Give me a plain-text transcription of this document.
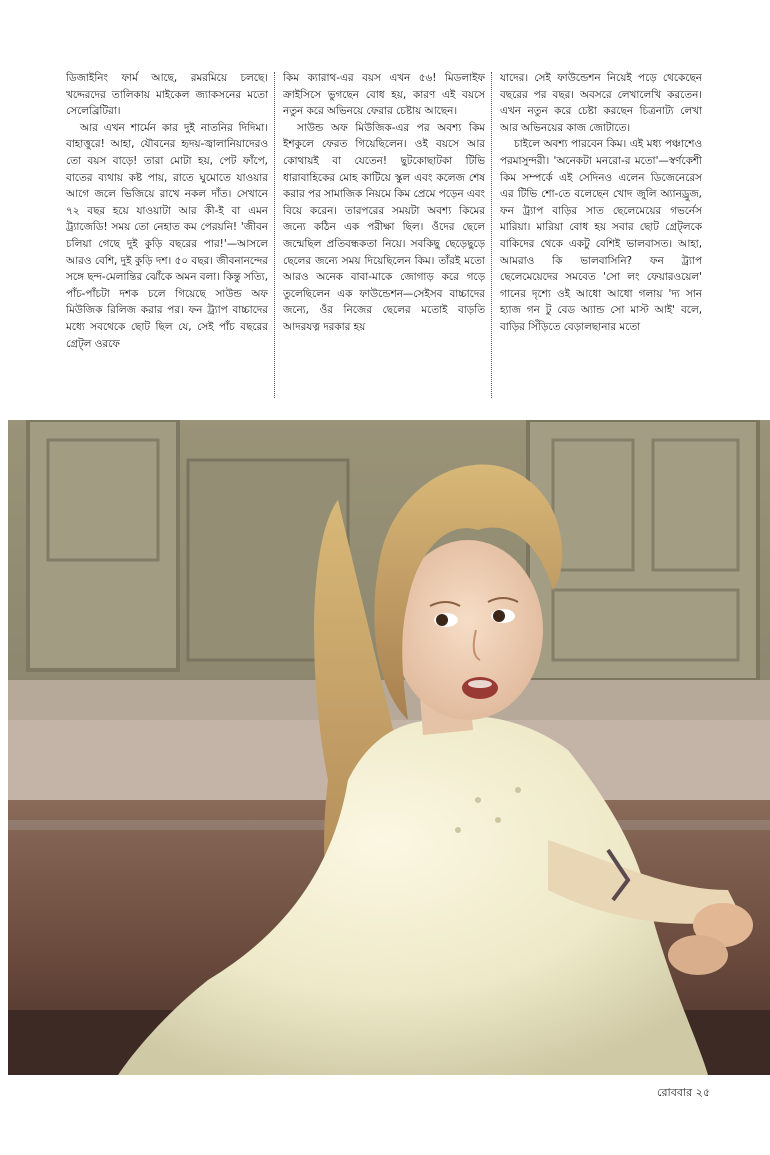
ডিজাইনিং ফার্ম আছে, রমরমিয়ে চলছে। খদ্দেরদের তালিকায় মাইকেল জ্যাকসনের মতো সেলেব্রিটিরা।

আর এখন শার্মেন কার দুই নাতনির দিদিমা। বাহাত্তুরে! আহা, যৌবনের হৃদয়-জ্বালানিয়াদেরও তো বয়স বাড়ে! তারা মোটা হয়, পেট ফাঁপে, বাতের ব্যথায় কষ্ট পায়, রাতে ঘুমোতে যাওয়ার আগে জলে ভিজিয়ে রাখে নকল দাঁত। সেখানে ৭২ বছর হয়ে যাওয়াটা আর কী-ই বা এমন ট্র্যাজেডি! সময় তো নেহাত কম পেরয়নি! 'জীবন চলিয়া গেছে দুই কুড়ি বছরের পার!'—আসলে আরও বেশি, দুই কুড়ি দশ। ৫০ বছর। জীবনানন্দের সঙ্গে ছন্দ-মেলান্তির ঝোঁকে অমন বলা। কিন্তু সত্যি, পাঁচ-পাঁচটা দশক চলে গিয়েছে সাউন্ড অফ মিউজিক রিলিজ করার পর। ফন ট্র্যাপ বাচ্চাদের মধ্যে সবথেকে ছোট ছিল যে, সেই পাঁচ বছরের গ্রেট্ল ওরফে

কিম ক্যারাথ-এর বয়স এখন ৫৬! মিডলাইফ ক্রাইসিসে ভুগছেন বোধ হয়, কারণ এই বয়সে নতুন করে অভিনয়ে ফেরার চেষ্টায় আছেন।

সাউন্ড অফ মিউজিক-এর পর অবশ্য কিম ইশকুলে ফেরত গিয়েছিলেন। ওই বয়সে আর কোথায়ই বা যেতেন! ছুটকোছাটকা টিভি ধারাবাহিকের মোহ কাটিয়ে স্কুল এবং কলেজ শেষ করার পর সামাজিক নিয়মে কিম প্রেমে পড়েন এবং বিয়ে করেন। তারপরের সময়টা অবশ্য কিমের জন্যে কঠিন এক পরীক্ষা ছিল। ওঁদের ছেলে জন্মেছিল প্রতিবন্ধকতা নিয়ে। সবকিছু ছেড়েছুড়ে ছেলের জন্যে সময় দিয়েছিলেন কিম। তাঁরই মতো আরও অনেক বাবা-মাকে জোগাড় করে গড়ে তুলেছিলেন এক ফাউন্ডেশন—সেইসব বাচ্চাদের জন্যে, ওঁর নিজের ছেলের মতোই বাড়তি আদরযত্ন দরকার হয়

যাদের। সেই ফাউন্ডেশন নিয়েই পড়ে থেকেছেন বছরের পর বছর। অবসরে লেখালেখি করতেন। এখন নতুন করে চেষ্টা করছেন চিত্রনাট্য লেখা আর অভিনয়ের কাজ জোটাতে।

চাইলে অবশ্য পারবেন কিম। এই মধ্য পঞ্চাশেও পরমাসুন্দরী। 'অনেকটা মনরো-র মতো'—স্বর্ণকেশী কিম সম্পর্কে এই সেদিনও এলেন ডিজেনেরেস এর টিভি শো-তে বলেছেন খোদ জুলি অ্যানড্রুজ, ফন ট্র্যাপ বাড়ির সাত ছেলেমেয়ের গভর্নেস মারিয়া। মারিয়া বোধ হয় সবার ছোট গ্রেট্লকে বাকিদের থেকে একটু বেশিই ভালবাসত। আহা, আমরাও কি ভালবাসিনি? ফন ট্র্যাপ ছেলেমেয়েদের সমবেত 'সো লং ফেয়ারওয়েল' গানের দৃশ্যে ওই আধো আধো গলায় 'দ্য সান হ্যাজ গন টু বেড অ্যান্ড সো মাস্ট আই' বলে, বাড়ির সিঁড়িতে বেড়ালছানার মতো

রোববার ২৫
